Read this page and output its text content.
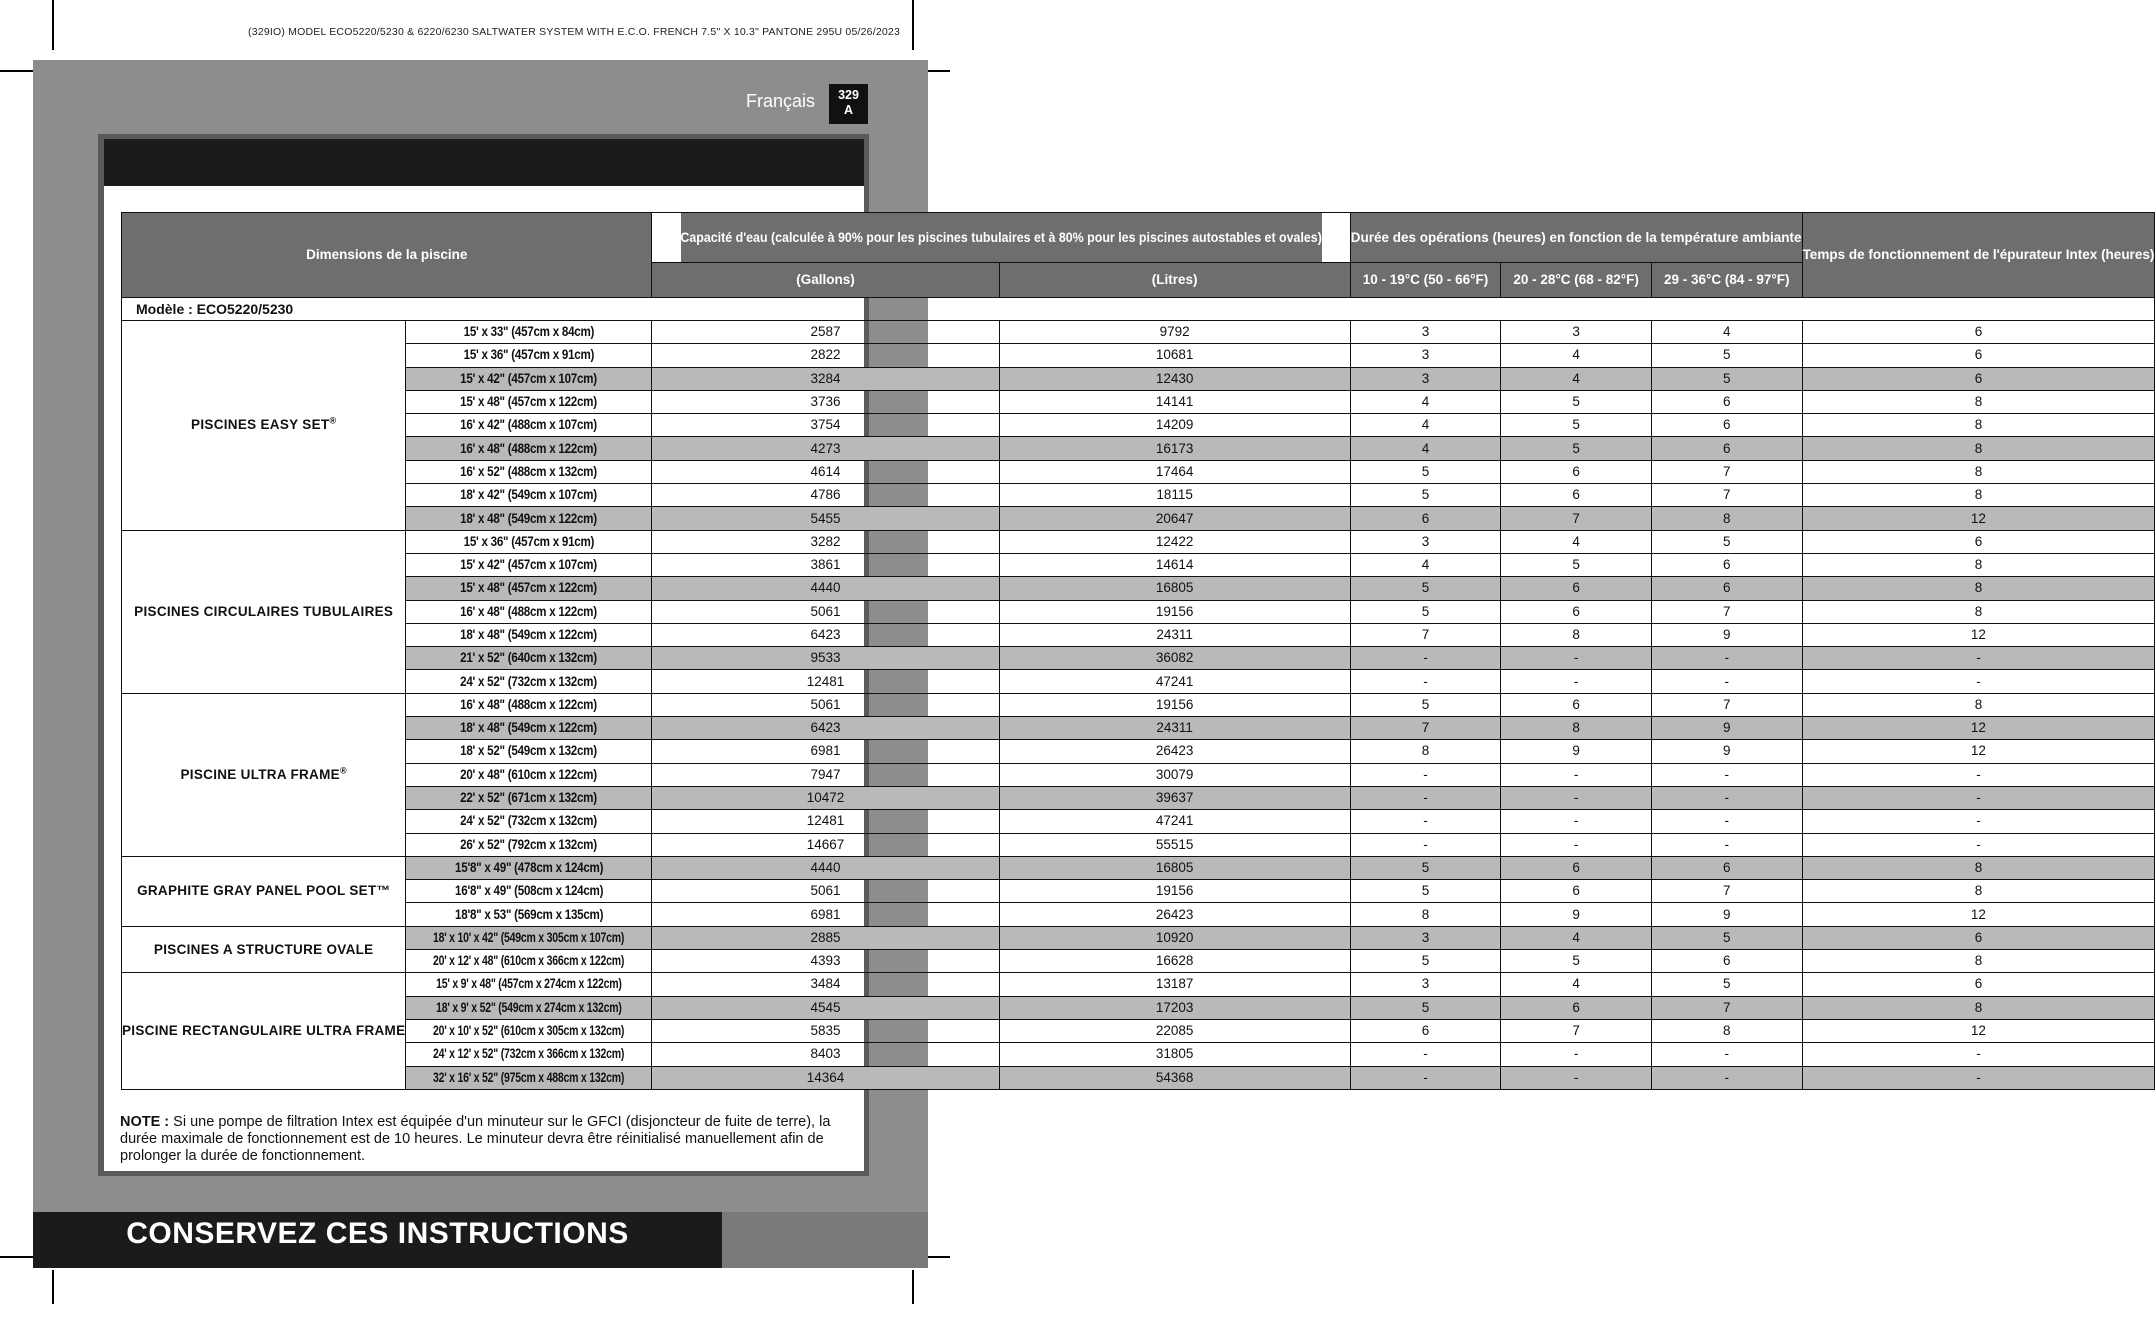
(329IO) MODEL ECO5220/5230 & 6220/6230 SALTWATER SYSTEM WITH E.C.O. FRENCH 7.5" X 10.3" PANTONE 295U 05/26/2023
Français	329
A
Dimensions de la piscine		Capacité d'eau (calculée à 90% pour les piscines tubulaires et à 80% pour les piscines autostables et ovales)		Durée des opérations (heures) en fonction de la température ambiante			Temps de fonctionnement de l'épurateur Intex (heures)
		(Gallons)	(Litres)	10 - 19°C (50 - 66°F)	20 - 28°C (68 - 82°F)	29 - 36°C (84 - 97°F)	
Modèle : ECO5220/5230							
PISCINES EASY SET®	15' x 33" (457cm x 84cm)	2587	9792	3	3	4	6
	15' x 36" (457cm x 91cm)	2822	10681	3	4	5	6
	15' x 42" (457cm x 107cm)	3284	12430	3	4	5	6
	15' x 48" (457cm x 122cm)	3736	14141	4	5	6	8
	16' x 42" (488cm x 107cm)	3754	14209	4	5	6	8
	16' x 48" (488cm x 122cm)	4273	16173	4	5	6	8
	16' x 52" (488cm x 132cm)	4614	17464	5	6	7	8
	18' x 42" (549cm x 107cm)	4786	18115	5	6	7	8
	18' x 48" (549cm x 122cm)	5455	20647	6	7	8	12
PISCINES CIRCULAIRES TUBULAIRES	15' x 36" (457cm x 91cm)	3282	12422	3	4	5	6
	15' x 42" (457cm x 107cm)	3861	14614	4	5	6	8
	15' x 48" (457cm x 122cm)	4440	16805	5	6	6	8
	16' x 48" (488cm x 122cm)	5061	19156	5	6	7	8
	18' x 48" (549cm x 122cm)	6423	24311	7	8	9	12
	21' x 52" (640cm x 132cm)	9533	36082	-	-	-	-
	24' x 52" (732cm x 132cm)	12481	47241	-	-	-	-
PISCINE ULTRA FRAME®	16' x 48" (488cm x 122cm)	5061	19156	5	6	7	8
	18' x 48" (549cm x 122cm)	6423	24311	7	8	9	12
	18' x 52" (549cm x 132cm)	6981	26423	8	9	9	12
	20' x 48" (610cm x 122cm)	7947	30079	-	-	-	-
	22' x 52" (671cm x 132cm)	10472	39637	-	-	-	-
	24' x 52" (732cm x 132cm)	12481	47241	-	-	-	-
	26' x 52" (792cm x 132cm)	14667	55515	-	-	-	-
GRAPHITE GRAY PANEL POOL SET™	15'8" x 49" (478cm x 124cm)	4440	16805	5	6	6	8
	16'8" x 49" (508cm x 124cm)	5061	19156	5	6	7	8
	18'8" x 53" (569cm x 135cm)	6981	26423	8	9	9	12
PISCINES A STRUCTURE OVALE	18' x 10' x 42" (549cm x 305cm x 107cm)	2885	10920	3	4	5	6
	20' x 12' x 48" (610cm x 366cm x 122cm)	4393	16628	5	5	6	8
PISCINE RECTANGULAIRE ULTRA FRAME	15' x 9' x 48" (457cm x 274cm x 122cm)	3484	13187	3	4	5	6
	18' x 9' x 52" (549cm x 274cm x 132cm)	4545	17203	5	6	7	8
	20' x 10' x 52" (610cm x 305cm x 132cm)	5835	22085	6	7	8	12
	24' x 12' x 52" (732cm x 366cm x 132cm)	8403	31805	-	-	-	-
	32' x 16' x 52" (975cm x 488cm x 132cm)	14364	54368	-	-	-	-
NOTE : Si une pompe de filtration Intex est équipée d'un minuteur sur le GFCI (disjoncteur de fuite de terre), la durée maximale de fonctionnement est de 10 heures. Le minuteur devra être réinitialisé manuellement afin de prolonger la durée de fonctionnement.
CONSERVEZ CES INSTRUCTIONS
